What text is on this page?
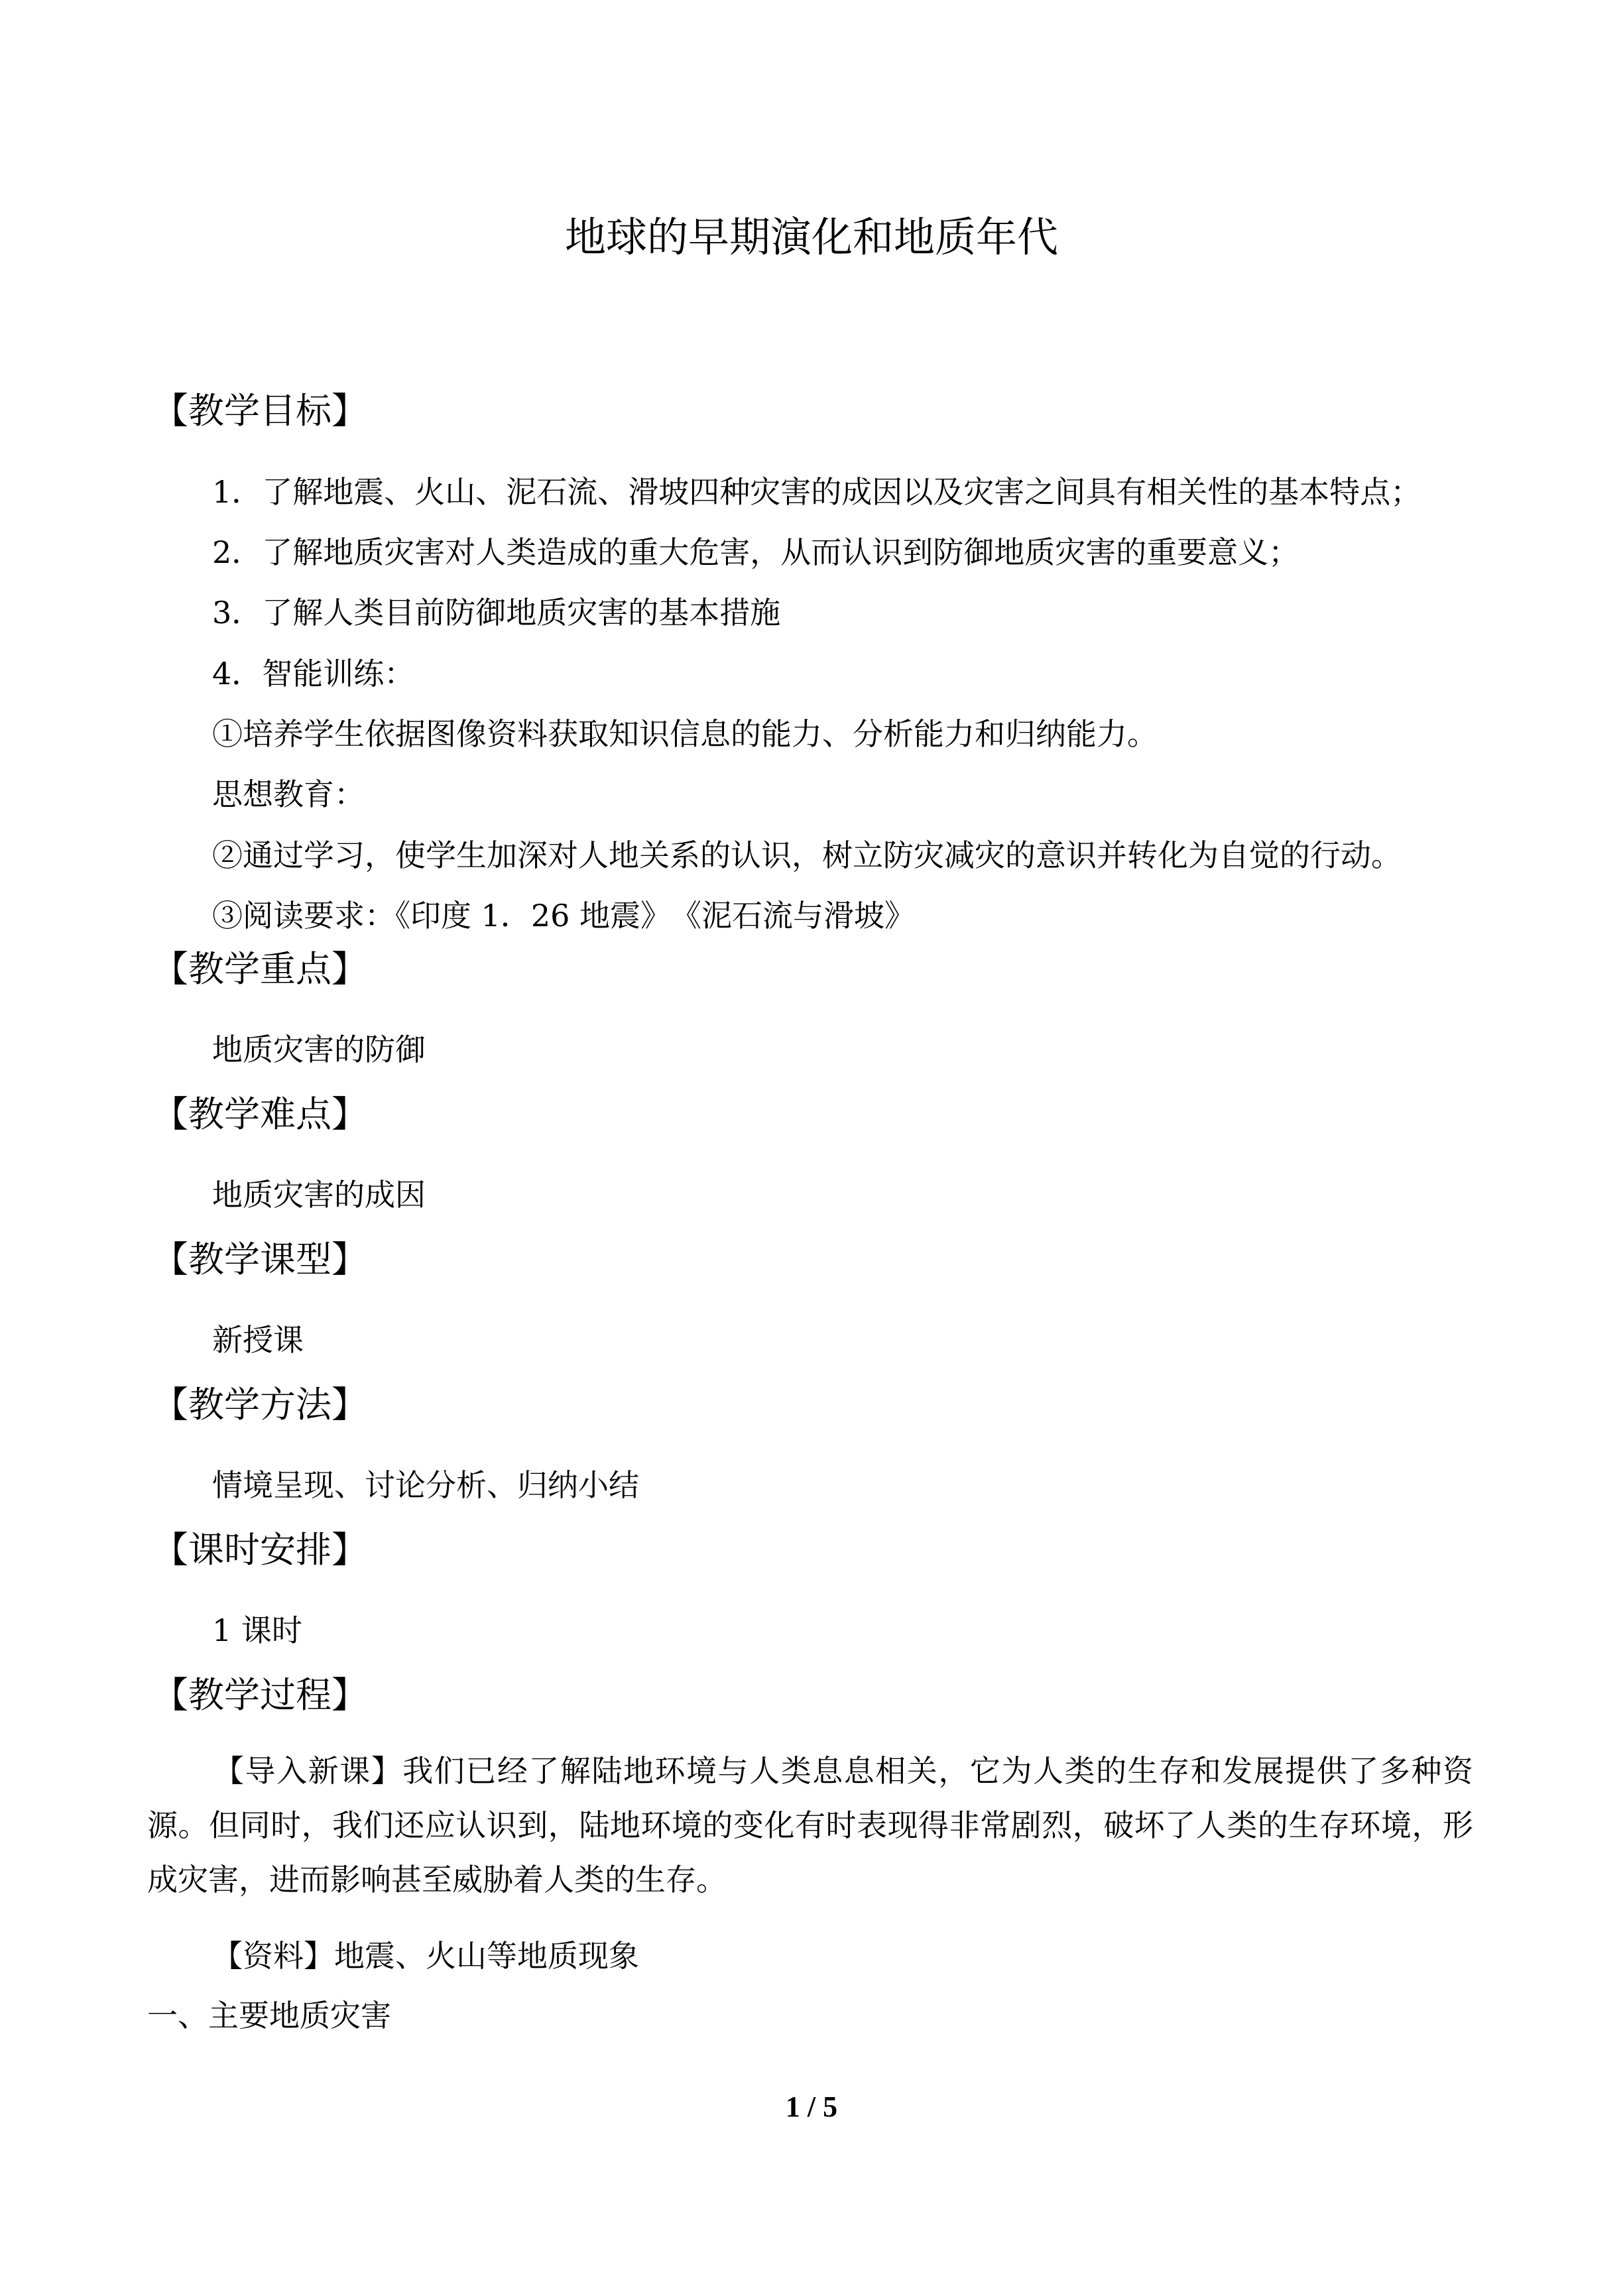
地球的早期演化和地质年代
【教学目标】
1．了解地震、火山、泥石流、滑坡四种灾害的成因以及灾害之间具有相关性的基本特点；
2．了解地质灾害对人类造成的重大危害，从而认识到防御地质灾害的重要意义；
3．了解人类目前防御地质灾害的基本措施
4．智能训练：
①培养学生依据图像资料获取知识信息的能力、分析能力和归纳能力。
思想教育：
②通过学习，使学生加深对人地关系的认识，树立防灾减灾的意识并转化为自觉的行动。
③阅读要求：《印度 1．26 地震》　《泥石流与滑坡》
【教学重点】
地质灾害的防御
【教学难点】
地质灾害的成因
【教学课型】
新授课
【教学方法】
情境呈现、讨论分析、归纳小结
【课时安排】
1 课时
【教学过程】

【导入新课】我们已经了解陆地环境与人类息息相关，它为人类的生存和发展提供了多种资源。但同时，我们还应认识到，陆地环境的变化有时表现得非常剧烈，破坏了人类的生存环境，形成灾害，进而影响甚至威胁着人类的生存。

【资料】地震、火山等地质现象
一、主要地质灾害
1 / 5
